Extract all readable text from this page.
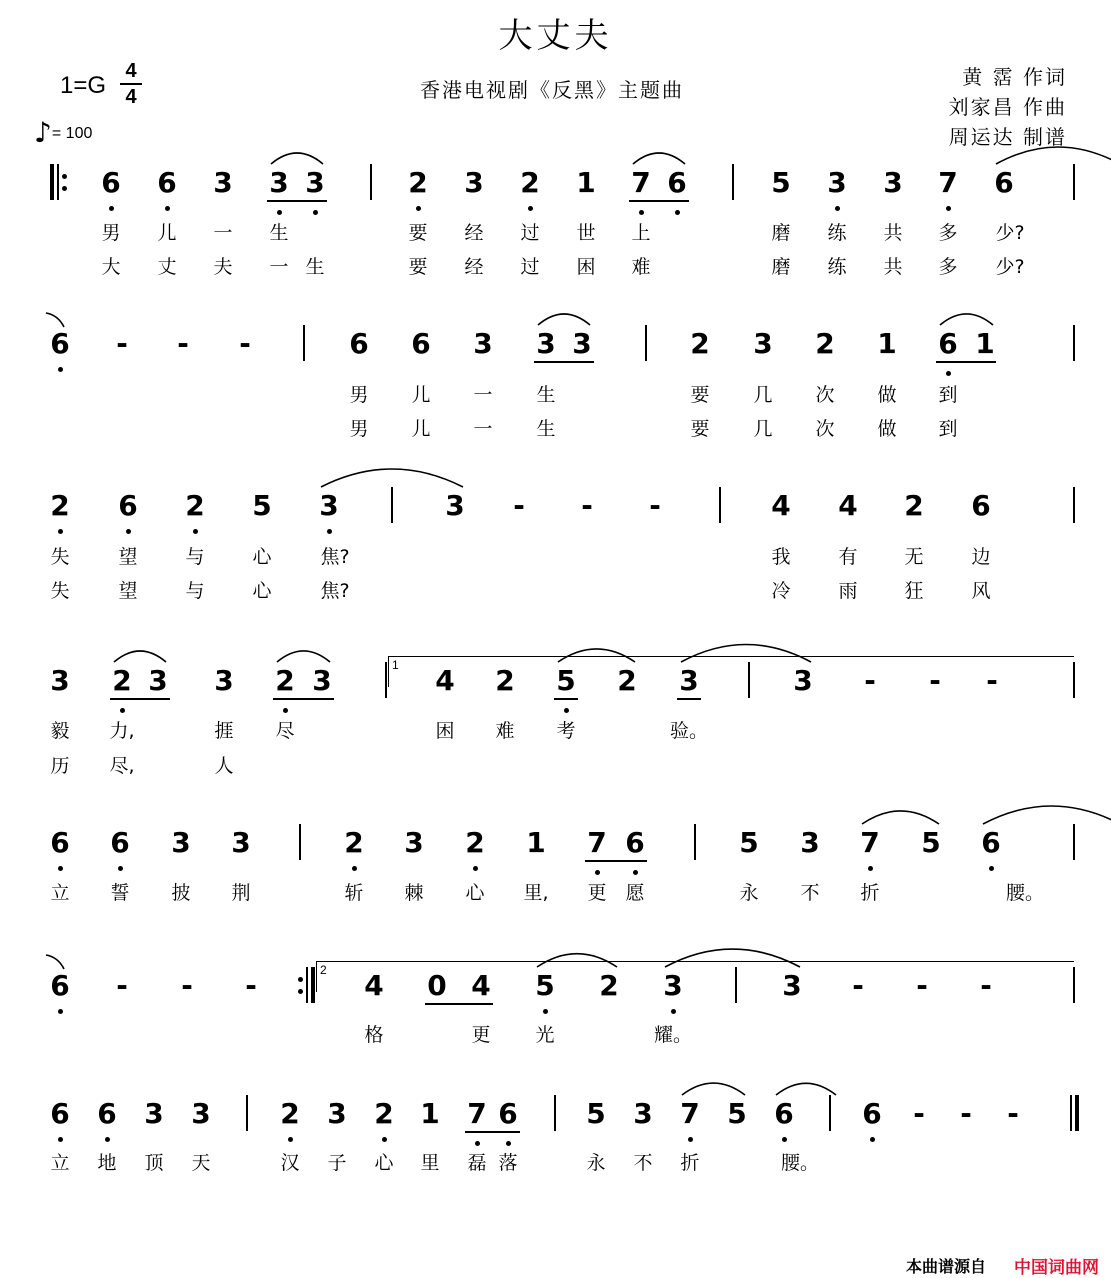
大丈夫
1=G
4
4
♪= 100
香港电视剧《反黑》主题曲
黄 霑 作词
刘家昌 作曲
周运达 制谱
6 6 3 3 3	2 3 2 1 7 6	5 3 3 7 6
男 儿 一 生	要 经 过 世 上	磨 练 共 多 少?
大 丈 夫 一 生	要 经 过 困 难	磨 练 共 多 少?
6 - - -	6 6 3 3 3	2 3 2 1 6 1
男 儿 一 生	要 几 次 做 到
男 儿 一 生	要 几 次 做 到
2 6 2 5 3	3 - - -	4 4 2 6
失	望	与	心	焦?	我	有 无	边
失	望	与	心	焦?	冷	雨 狂	风
3 2 3 3 2 3	4 2 5 2 3	3 - - -
1
毅 力,	捱 尽	困 难 考	验。
历 尽,	人
6 6 3 3	2 3 2 1 7 6	5 3 7 5 6
立 誓 披 荆	斩 棘 心 里, 更 愿	永 不 折	腰。
6 - - -	4 0 4 5 2 3	3 - - -
2
格	更 光	耀。
6 6 3 3 2 3 2 1 7 6 5 3 7 5 6 6 - - -
立 地 顶 天	汉 子 心 里 磊 落	永 不 折	腰。
本曲谱源自 中国词曲网
